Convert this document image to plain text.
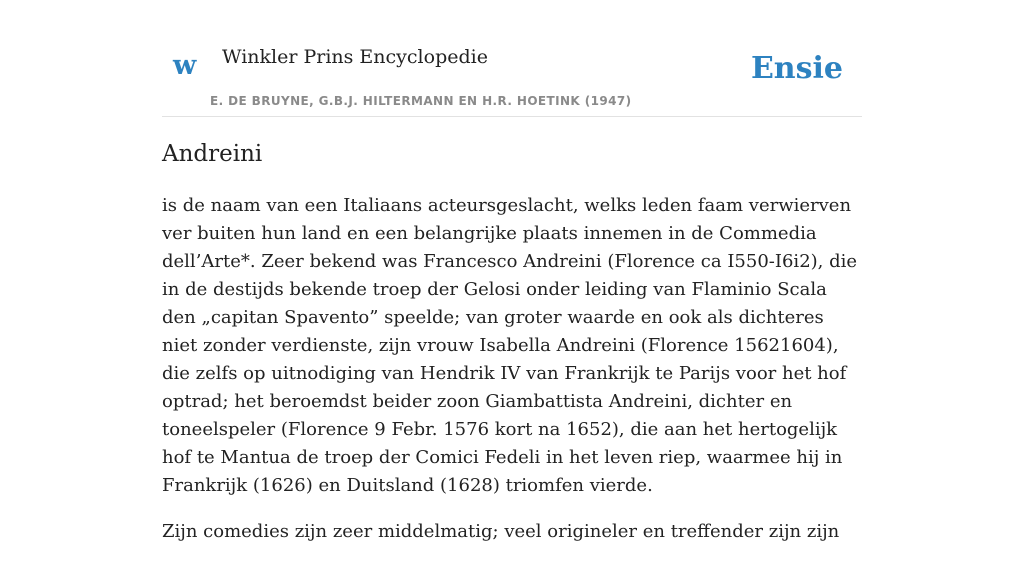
w Winkler Prins Encyclopedie
E. DE BRUYNE, G.B.J. HILTERMANN EN H.R. HOETINK (1947)
Ensie
Andreini

is de naam van een Italiaans acteursgeslacht, welks leden faam verwierven ver buiten hun land en een belangrijke plaats innemen in de Commedia dell’Arte*. Zeer bekend was Francesco Andreini (Florence ca I550-I6i2), die in de destijds bekende troep der Gelosi onder leiding van Flaminio Scala den „capitan Spavento” speelde; van groter waarde en ook als dichteres niet zonder verdienste, zijn vrouw Isabella Andreini (Florence 15621604), die zelfs op uitnodiging van Hendrik IV van Frankrijk te Parijs voor het hof optrad; het beroemdst beider zoon Giambattista Andreini, dichter en toneelspeler (Florence 9 Febr. 1576 kort na 1652), die aan het hertogelijk hof te Mantua de troep der Comici Fedeli in het leven riep, waarmee hij in Frankrijk (1626) en Duitsland (1628) triomfen vierde.

Zijn comedies zijn zeer middelmatig; veel origineler en treffender zijn zijn
